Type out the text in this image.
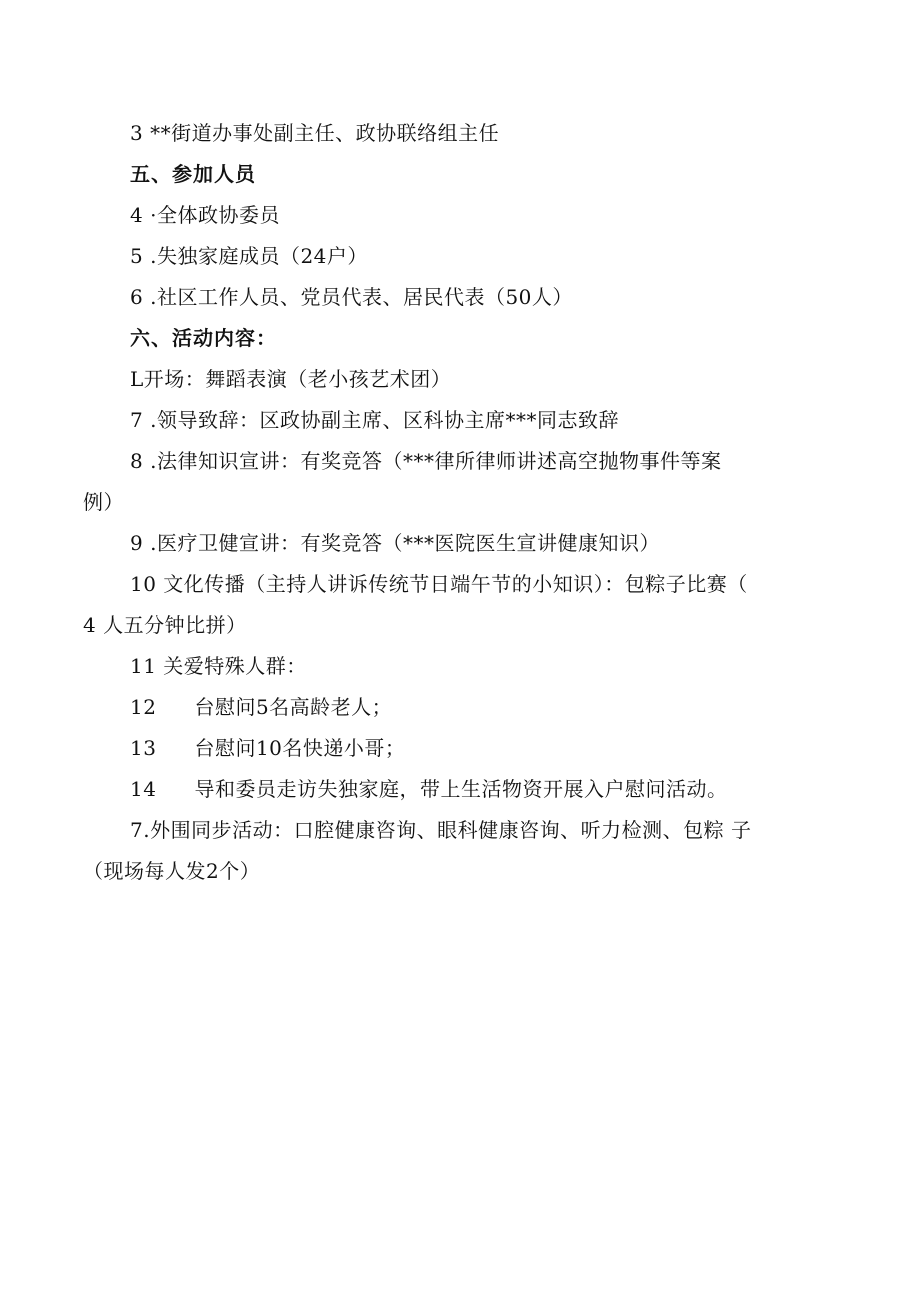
3 **街道办事处副主任、政协联络组主任
五、参加人员
4 ·全体政协委员
5 .失独家庭成员（24户）
6 .社区工作人员、党员代表、居民代表（50人）
六、活动内容：
L开场：舞蹈表演（老小孩艺术团）
7 .领导致辞：区政协副主席、区科协主席***同志致辞
8 .法律知识宣讲：有奖竞答（***律所律师讲述高空抛物事件等案
例）
9 .医疗卫健宣讲：有奖竞答（***医院医生宣讲健康知识）
10 文化传播（主持人讲诉传统节日端午节的小知识）：包粽子比赛（
4 人五分钟比拼）
11 关爱特殊人群：
12 台慰问5名高龄老人；
13 台慰问10名快递小哥；
14 导和委员走访失独家庭，带上生活物资开展入户慰问活动。
7.外围同步活动：口腔健康咨询、眼科健康咨询、听力检测、包粽 子
（现场每人发2个）
